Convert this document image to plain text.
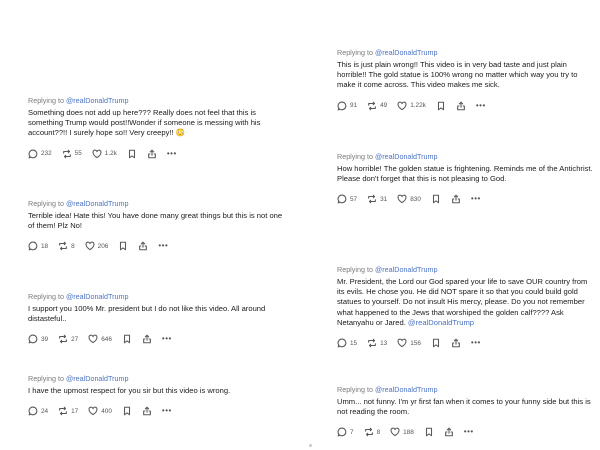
Replying to @realDonaldTrump
Something does not add up here??? Really does not feel that this is something Trump would post!!Wonder if someone is messing with his account??!! I surely hope so!! Very creepy!! 😳
232	55	1.2k	•••
Replying to @realDonaldTrump
Terrible idea! Hate this! You have done many great things but this is not one of them! Plz No!
18	8	206	•••
Replying to @realDonaldTrump
I support you 100% Mr. president but I do not like this video. All around distasteful..
39	27	646	•••
Replying to @realDonaldTrump
I have the upmost respect for you sir but this video is wrong.
24	17	400	•••
Replying to @realDonaldTrump
This is just plain wrong!! This video is in very bad taste and just plain horrible!! The gold statue is 100% wrong no matter which way you try to make it come across. This video makes me sick.
91	49	1.22k	•••
Replying to @realDonaldTrump
How horrible! The golden statue is frightening. Reminds me of the Antichrist. Please don't forget that this is not pleasing to God.
57	31	830	•••
Replying to @realDonaldTrump
Mr. President, the Lord our God spared your life to save OUR country from its evils. He chose you. He did NOT spare it so that you could build gold statues to yourself. Do not insult His mercy, please. Do you not remember what happened to the Jews that worshiped the golden calf???? Ask Netanyahu or Jared. @realDonaldTrump
15	13	156	•••
Replying to @realDonaldTrump
Umm... not funny. I'm yr first fan when it comes to your funny side but this is not reading the room.
7	8	188	•••
